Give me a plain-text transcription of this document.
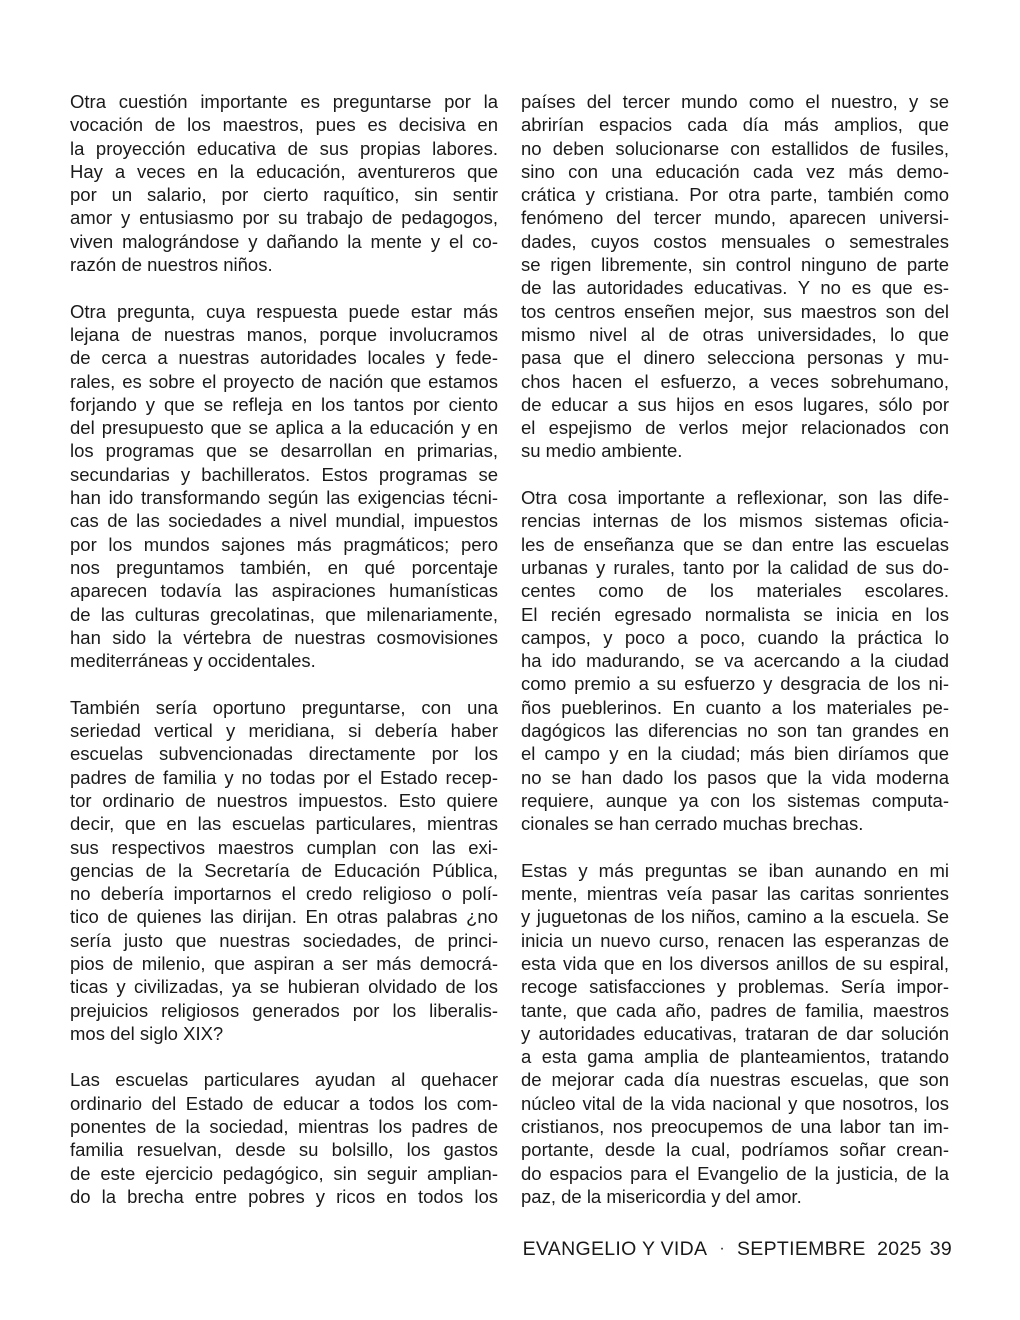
Otra cuestión importante es preguntarse por la
vocación de los maestros, pues es decisiva en
la proyección educativa de sus propias labores.
Hay a veces en la educación, aventureros que
por un salario, por cierto raquítico, sin sentir
amor y entusiasmo por su trabajo de pedagogos,
viven malográndose y dañando la mente y el co-
razón de nuestros niños.
Otra pregunta, cuya respuesta puede estar más
lejana de nuestras manos, porque involucramos
de cerca a nuestras autoridades locales y fede-
rales, es sobre el proyecto de nación que estamos
forjando y que se refleja en los tantos por ciento
del presupuesto que se aplica a la educación y en
los programas que se desarrollan en primarias,
secundarias y bachilleratos. Estos programas se
han ido transformando según las exigencias técni-
cas de las sociedades a nivel mundial, impuestos
por los mundos sajones más pragmáticos; pero
nos preguntamos también, en qué porcentaje
aparecen todavía las aspiraciones humanísticas
de las culturas grecolatinas, que milenariamente,
han sido la vértebra de nuestras cosmovisiones
mediterráneas y occidentales.
También sería oportuno preguntarse, con una
seriedad vertical y meridiana, si debería haber
escuelas subvencionadas directamente por los
padres de familia y no todas por el Estado recep-
tor ordinario de nuestros impuestos. Esto quiere
decir, que en las escuelas particulares, mientras
sus respectivos maestros cumplan con las exi-
gencias de la Secretaría de Educación Pública,
no debería importarnos el credo religioso o polí-
tico de quienes las dirijan. En otras palabras ¿no
sería justo que nuestras sociedades, de princi-
pios de milenio, que aspiran a ser más democrá-
ticas y civilizadas, ya se hubieran olvidado de los
prejuicios religiosos generados por los liberalis-
mos del siglo XIX?
Las escuelas particulares ayudan al quehacer
ordinario del Estado de educar a todos los com-
ponentes de la sociedad, mientras los padres de
familia resuelvan, desde su bolsillo, los gastos
de este ejercicio pedagógico, sin seguir amplian-
do la brecha entre pobres y ricos en todos los
países del tercer mundo como el nuestro, y se
abrirían espacios cada día más amplios, que
no deben solucionarse con estallidos de fusiles,
sino con una educación cada vez más demo-
crática y cristiana. Por otra parte, también como
fenómeno del tercer mundo, aparecen universi-
dades, cuyos costos mensuales o semestrales
se rigen libremente, sin control ninguno de parte
de las autoridades educativas. Y no es que es-
tos centros enseñen mejor, sus maestros son del
mismo nivel al de otras universidades, lo que
pasa que el dinero selecciona personas y mu-
chos hacen el esfuerzo, a veces sobrehumano,
de educar a sus hijos en esos lugares, sólo por
el espejismo de verlos mejor relacionados con
su medio ambiente.
Otra cosa importante a reflexionar, son las dife-
rencias internas de los mismos sistemas oficia-
les de enseñanza que se dan entre las escuelas
urbanas y rurales, tanto por la calidad de sus do-
centes como de los materiales escolares.
El recién egresado normalista se inicia en los
campos, y poco a poco, cuando la práctica lo
ha ido madurando, se va acercando a la ciudad
como premio a su esfuerzo y desgracia de los ni-
ños pueblerinos. En cuanto a los materiales pe-
dagógicos las diferencias no son tan grandes en
el campo y en la ciudad; más bien diríamos que
no se han dado los pasos que la vida moderna
requiere, aunque ya con los sistemas computa-
cionales se han cerrado muchas brechas.
Estas y más preguntas se iban aunando en mi
mente, mientras veía pasar las caritas sonrientes
y juguetonas de los niños, camino a la escuela. Se
inicia un nuevo curso, renacen las esperanzas de
esta vida que en los diversos anillos de su espiral,
recoge satisfacciones y problemas. Sería impor-
tante, que cada año, padres de familia, maestros
y autoridades educativas, trataran de dar solución
a esta gama amplia de planteamientos, tratando
de mejorar cada día nuestras escuelas, que son
núcleo vital de la vida nacional y que nosotros, los
cristianos, nos preocupemos de una labor tan im-
portante, desde la cual, podríamos soñar crean-
do espacios para el Evangelio de la justicia, de la
paz, de la misericordia y del amor.
EVANGELIO Y VIDA · SEPTIEMBRE  2025 39
